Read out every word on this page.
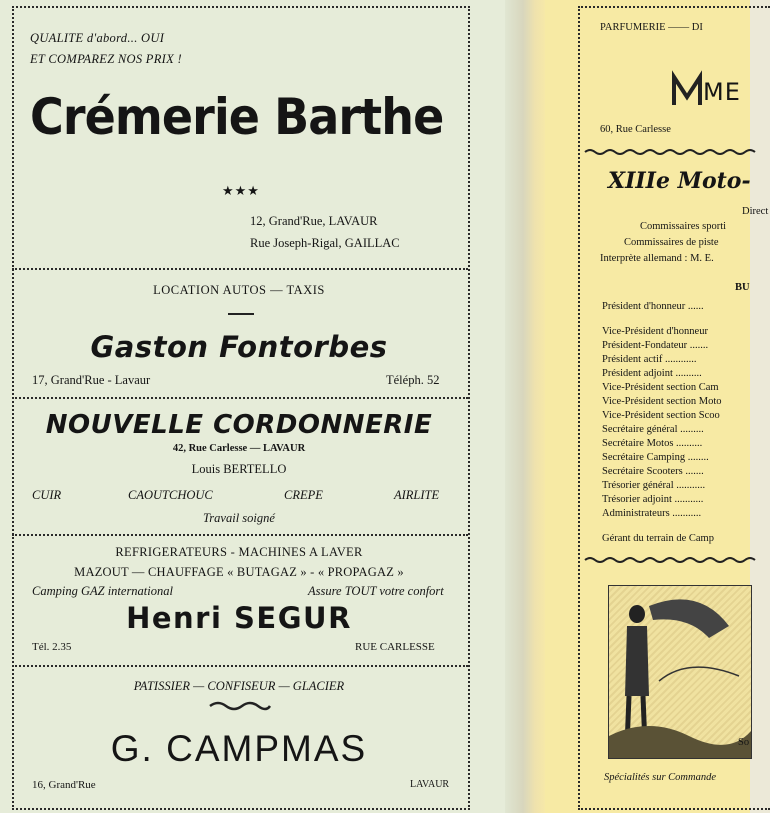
QUALITE d'abord... OUI
ET COMPAREZ NOS PRIX !
Crémerie Barthe
★★★
12, Grand'Rue, LAVAUR
Rue Joseph-Rigal, GAILLAC
LOCATION AUTOS — TAXIS
Gaston Fontorbes
17, Grand'Rue - Lavaur	Téléph. 52
NOUVELLE CORDONNERIE
42, Rue Carlesse — LAVAUR
Louis BERTELLO
CUIR	CAOUTCHOUC	CREPE	AIRLITE
Travail soigné
REFRIGERATEURS - MACHINES A LAVER
MAZOUT — CHAUFFAGE « BUTAGAZ » - « PROPAGAZ »
Camping GAZ international	Assure TOUT votre confort
Henri SEGUR
Tél. 2.35	RUE CARLESSE
PATISSIER — CONFISEUR — GLACIER
G. CAMPMAS
16, Grand'Rue	LAVAUR
PARFUMERIE —— DI
ME
60, Rue Carlesse
XIIIe Moto-
Direct
Commissaires sporti
Commissaires de piste
Interprète allemand : M. E.
BU
Président d'honneur ......
Vice-Président d'honneur
Président-Fondateur .......
Président actif ............
Président adjoint ..........
Vice-Président section Cam
Vice-Président section Moto
Vice-Président section Scoo
Secrétaire général .........
Secrétaire Motos ..........
Secrétaire Camping ........
Secrétaire Scooters .......
Trésorier général ...........
Trésorier adjoint ...........
Administrateurs ...........
Gérant du terrain de Camp
So
Spécialités sur Commande
